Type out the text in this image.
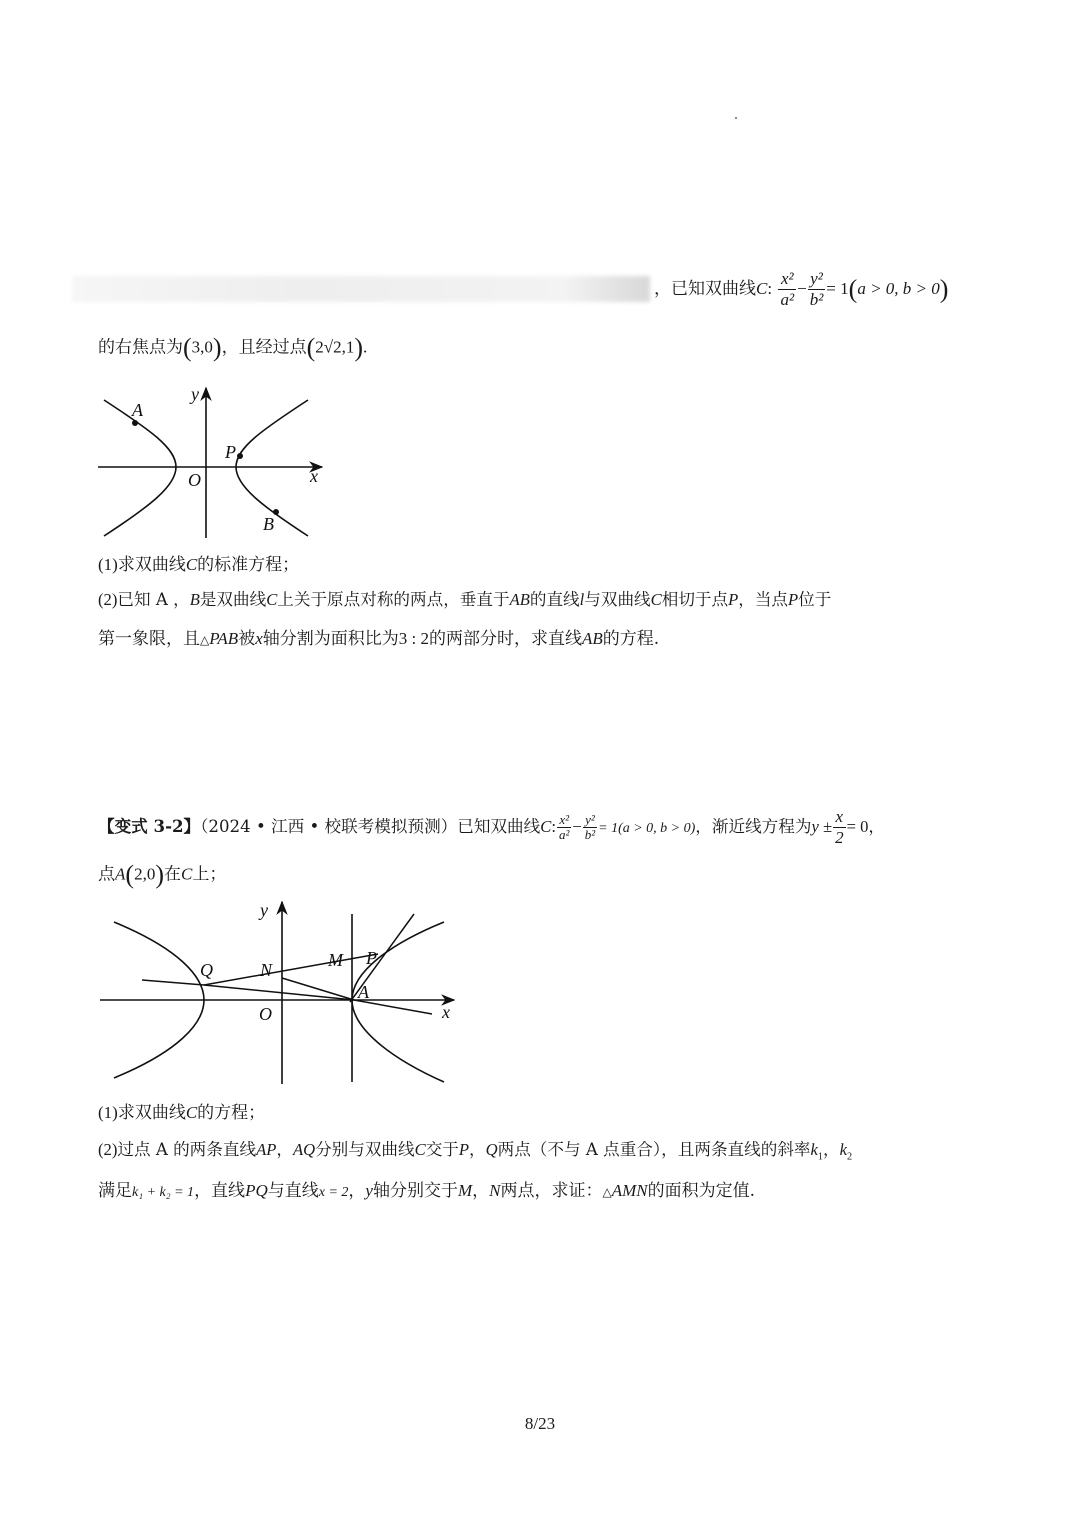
，已知双曲线C: $\frac{\text{x²}}{\text{a²}} - \frac{\text{y²}}{\text{b²}} = 1(a > 0$, b > 0)
的右焦点为(3,0)，且经过点(2√2,1).
A
P
B
O	x
y
(1)求双曲线C的标准方程；
(2)已知 A ，B是双曲线C上关于原点对称的两点，垂直于AB的直线l与双曲线C相切于点P，当点P位于
第一象限，且△PAB被x轴分割为面积比为3 : 2的两部分时，求直线AB的方程.
【变式 3-2】（2024 • 江西 • 校联考模拟预测）已知双曲线C: $\frac{\text{x²}}{\text{a²}} - \frac{\text{y²}}{\text{b²}} = 1(a > 0$, b > 0)，渐近线方程为$y \pm \frac{x}{2} = 0$，
点A(2,0)在C上；
Q	N	M P
A
O	x
y
(1)求双曲线C的方程；
(2)过点 A 的两条直线AP，AQ分别与双曲线C交于P，Q两点（不与 A 点重合），且两条直线的斜率$k_1$，$k_2$
满足k₁ + k₂ = 1，直线PQ与直线x = 2，y轴分别交于M，N两点，求证：△AMN的面积为定值.
8/23
